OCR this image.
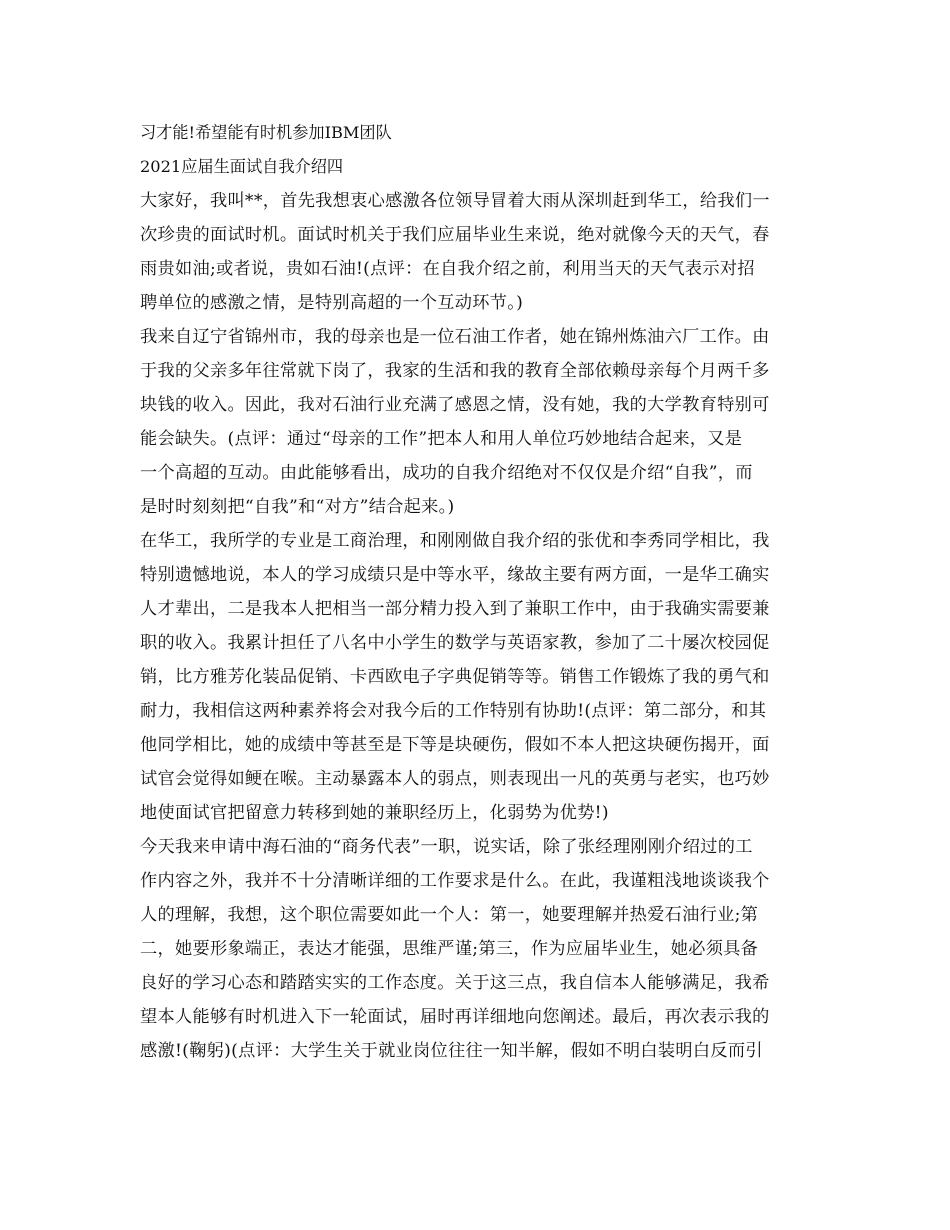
习才能!希望能有时机参加IBM团队

2021应届生面试自我介绍四

大家好，我叫**，首先我想衷心感激各位领导冒着大雨从深圳赶到华工，给我们一

次珍贵的面试时机。面试时机关于我们应届毕业生来说，绝对就像今天的天气，春

雨贵如油;或者说，贵如石油!(点评：在自我介绍之前，利用当天的天气表示对招

聘单位的感激之情，是特别高超的一个互动环节。)

我来自辽宁省锦州市，我的母亲也是一位石油工作者，她在锦州炼油六厂工作。由

于我的父亲多年往常就下岗了，我家的生活和我的教育全部依赖母亲每个月两千多

块钱的收入。因此，我对石油行业充满了感恩之情，没有她，我的大学教育特别可

能会缺失。(点评：通过“母亲的工作”把本人和用人单位巧妙地结合起来，又是

一个高超的互动。由此能够看出，成功的自我介绍绝对不仅仅是介绍“自我”，而

是时时刻刻把“自我”和“对方”结合起来。)

在华工，我所学的专业是工商治理，和刚刚做自我介绍的张优和李秀同学相比，我

特别遗憾地说，本人的学习成绩只是中等水平，缘故主要有两方面，一是华工确实

人才辈出，二是我本人把相当一部分精力投入到了兼职工作中，由于我确实需要兼

职的收入。我累计担任了八名中小学生的数学与英语家教，参加了二十屡次校园促

销，比方雅芳化装品促销、卡西欧电子字典促销等等。销售工作锻炼了我的勇气和

耐力，我相信这两种素养将会对我今后的工作特别有协助!(点评：第二部分，和其

他同学相比，她的成绩中等甚至是下等是块硬伤，假如不本人把这块硬伤揭开，面

试官会觉得如鲠在喉。主动暴露本人的弱点，则表现出一凡的英勇与老实，也巧妙

地使面试官把留意力转移到她的兼职经历上，化弱势为优势!)

今天我来申请中海石油的“商务代表”一职，说实话，除了张经理刚刚介绍过的工

作内容之外，我并不十分清晰详细的工作要求是什么。在此，我谨粗浅地谈谈我个

人的理解，我想，这个职位需要如此一个人：第一，她要理解并热爱石油行业;第

二，她要形象端正，表达才能强，思维严谨;第三，作为应届毕业生，她必须具备

良好的学习心态和踏踏实实的工作态度。关于这三点，我自信本人能够满足，我希

望本人能够有时机进入下一轮面试，届时再详细地向您阐述。最后，再次表示我的

感激!(鞠躬)(点评：大学生关于就业岗位往往一知半解，假如不明白装明白反而引
